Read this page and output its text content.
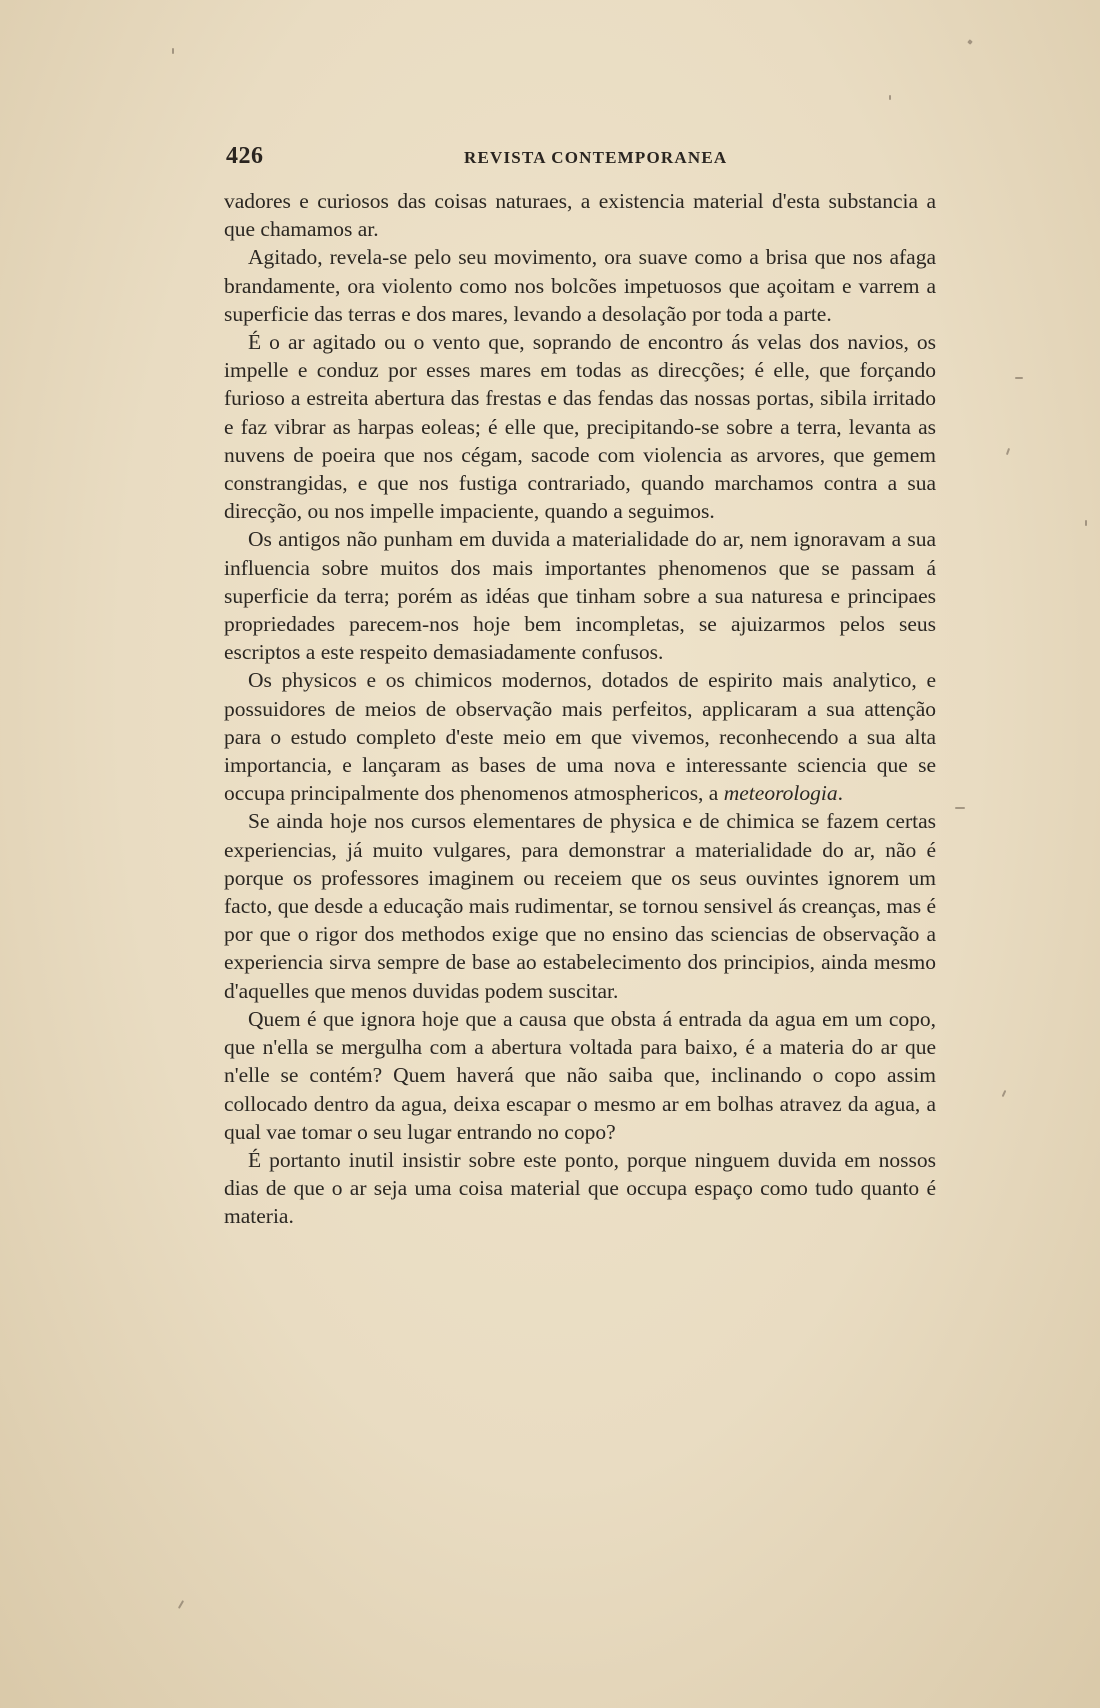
426	REVISTA CONTEMPORANEA

vadores e curiosos das coisas naturaes, a existencia material d'esta substancia a que chamamos ar.

Agitado, revela-se pelo seu movimento, ora suave como a brisa que nos afaga brandamente, ora violento como nos bolcões impetuosos que açoitam e varrem a superficie das terras e dos mares, levando a desolação por toda a parte.

É o ar agitado ou o vento que, soprando de encontro ás velas dos navios, os impelle e conduz por esses mares em todas as direcções; é elle, que forçando furioso a estreita abertura das frestas e das fendas das nossas portas, sibila irritado e faz vibrar as harpas eoleas; é elle que, precipitando-se sobre a terra, levanta as nuvens de poeira que nos cégam, sacode com violencia as arvores, que gemem constrangidas, e que nos fustiga contrariado, quando marchamos contra a sua direcção, ou nos impelle impaciente, quando a seguimos.

Os antigos não punham em duvida a materialidade do ar, nem ignoravam a sua influencia sobre muitos dos mais importantes phenomenos que se passam á superficie da terra; porém as idéas que tinham sobre a sua naturesa e principaes propriedades parecem-nos hoje bem incompletas, se ajuizarmos pelos seus escriptos a este respeito demasiadamente confusos.

Os physicos e os chimicos modernos, dotados de espirito mais analytico, e possuidores de meios de observação mais perfeitos, applicaram a sua attenção para o estudo completo d'este meio em que vivemos, reconhecendo a sua alta importancia, e lançaram as bases de uma nova e interessante sciencia que se occupa principalmente dos phenomenos atmosphericos, a meteorologia.

Se ainda hoje nos cursos elementares de physica e de chimica se fazem certas experiencias, já muito vulgares, para demonstrar a materialidade do ar, não é porque os professores imaginem ou receiem que os seus ouvintes ignorem um facto, que desde a educação mais rudimentar, se tornou sensivel ás creanças, mas é por que o rigor dos methodos exige que no ensino das sciencias de observação a experiencia sirva sempre de base ao estabelecimento dos principios, ainda mesmo d'aquelles que menos duvidas podem suscitar.

Quem é que ignora hoje que a causa que obsta á entrada da agua em um copo, que n'ella se mergulha com a abertura voltada para baixo, é a materia do ar que n'elle se contém? Quem haverá que não saiba que, inclinando o copo assim collocado dentro da agua, deixa escapar o mesmo ar em bolhas atravez da agua, a qual vae tomar o seu lugar entrando no copo?

É portanto inutil insistir sobre este ponto, porque ninguem duvida em nossos dias de que o ar seja uma coisa material que occupa espaço como tudo quanto é materia.
